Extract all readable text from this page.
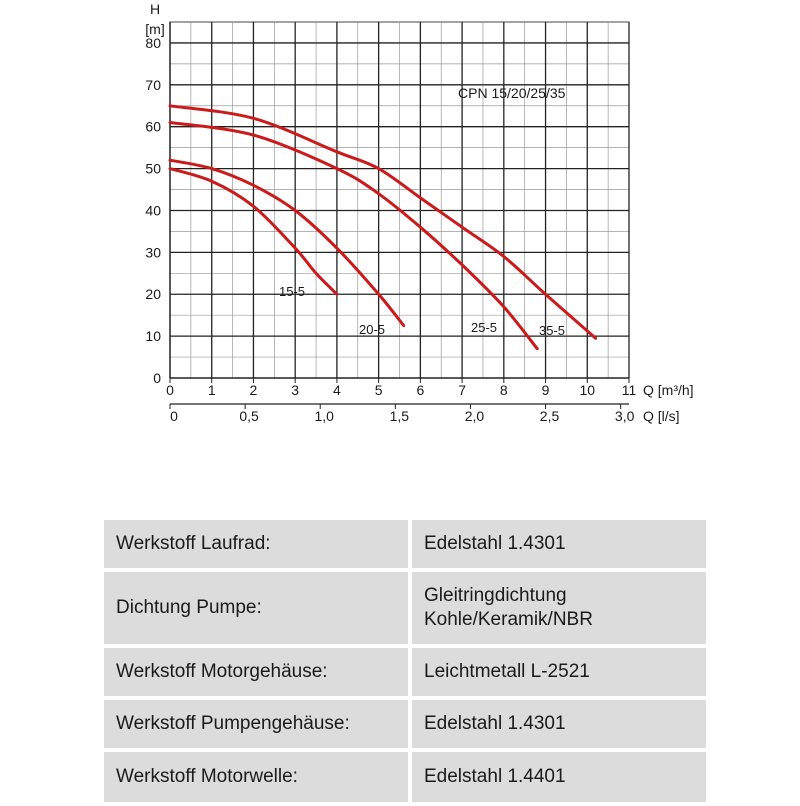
0
10
20
30
40
50
60
70
80
H
[m]
0 1 2 3 4 5 6 7 8 9 10 11 Q [m³/h]
0	0,5	1,0	1,5	2,0	2,5	3,0 Q [l/s]
CPN 15/20/25/35
15-5
20-5	25-5	35-5
Werkstoff Laufrad:	Edelstahl 1.4301

Dichtung Pumpe:	Gleitringdichtung
Kohle/Keramik/NBR

Werkstoff Motorgehäuse:	Leichtmetall L-2521

Werkstoff Pumpengehäuse:	Edelstahl 1.4301

Werkstoff Motorwelle:	Edelstahl 1.4401
